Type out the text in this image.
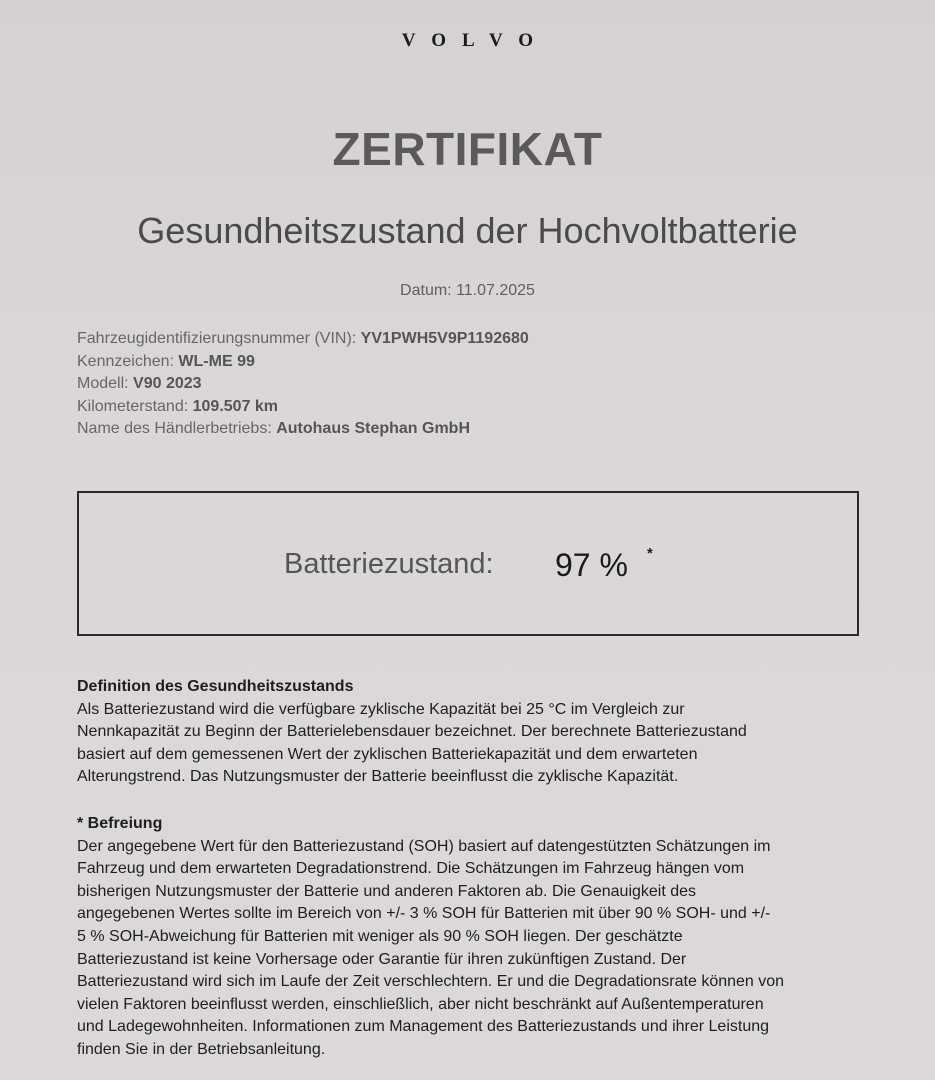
VOLVO
ZERTIFIKAT
Gesundheitszustand der Hochvoltbatterie
Datum: 11.07.2025
Fahrzeugidentifizierungsnummer (VIN): YV1PWH5V9P1192680
Kennzeichen: WL-ME 99
Modell: V90 2023
Kilometerstand: 109.507 km
Name des Händlerbetriebs: Autohaus Stephan GmbH
Batteriezustand: 97 % *
Definition des Gesundheitszustands

Als Batteriezustand wird die verfügbare zyklische Kapazität bei 25 °C im Vergleich zur

Nennkapazität zu Beginn der Batterielebensdauer bezeichnet. Der berechnete Batteriezustand

basiert auf dem gemessenen Wert der zyklischen Batteriekapazität und dem erwarteten

Alterungstrend. Das Nutzungsmuster der Batterie beeinflusst die zyklische Kapazität.

* Befreiung

Der angegebene Wert für den Batteriezustand (SOH) basiert auf datengestützten Schätzungen im

Fahrzeug und dem erwarteten Degradationstrend. Die Schätzungen im Fahrzeug hängen vom

bisherigen Nutzungsmuster der Batterie und anderen Faktoren ab. Die Genauigkeit des

angegebenen Wertes sollte im Bereich von +/- 3 % SOH für Batterien mit über 90 % SOH- und +/-

5 % SOH-Abweichung für Batterien mit weniger als 90 % SOH liegen. Der geschätzte

Batteriezustand ist keine Vorhersage oder Garantie für ihren zukünftigen Zustand. Der

Batteriezustand wird sich im Laufe der Zeit verschlechtern. Er und die Degradationsrate können von

vielen Faktoren beeinflusst werden, einschließlich, aber nicht beschränkt auf Außentemperaturen

und Ladegewohnheiten. Informationen zum Management des Batteriezustands und ihrer Leistung

finden Sie in der Betriebsanleitung.
